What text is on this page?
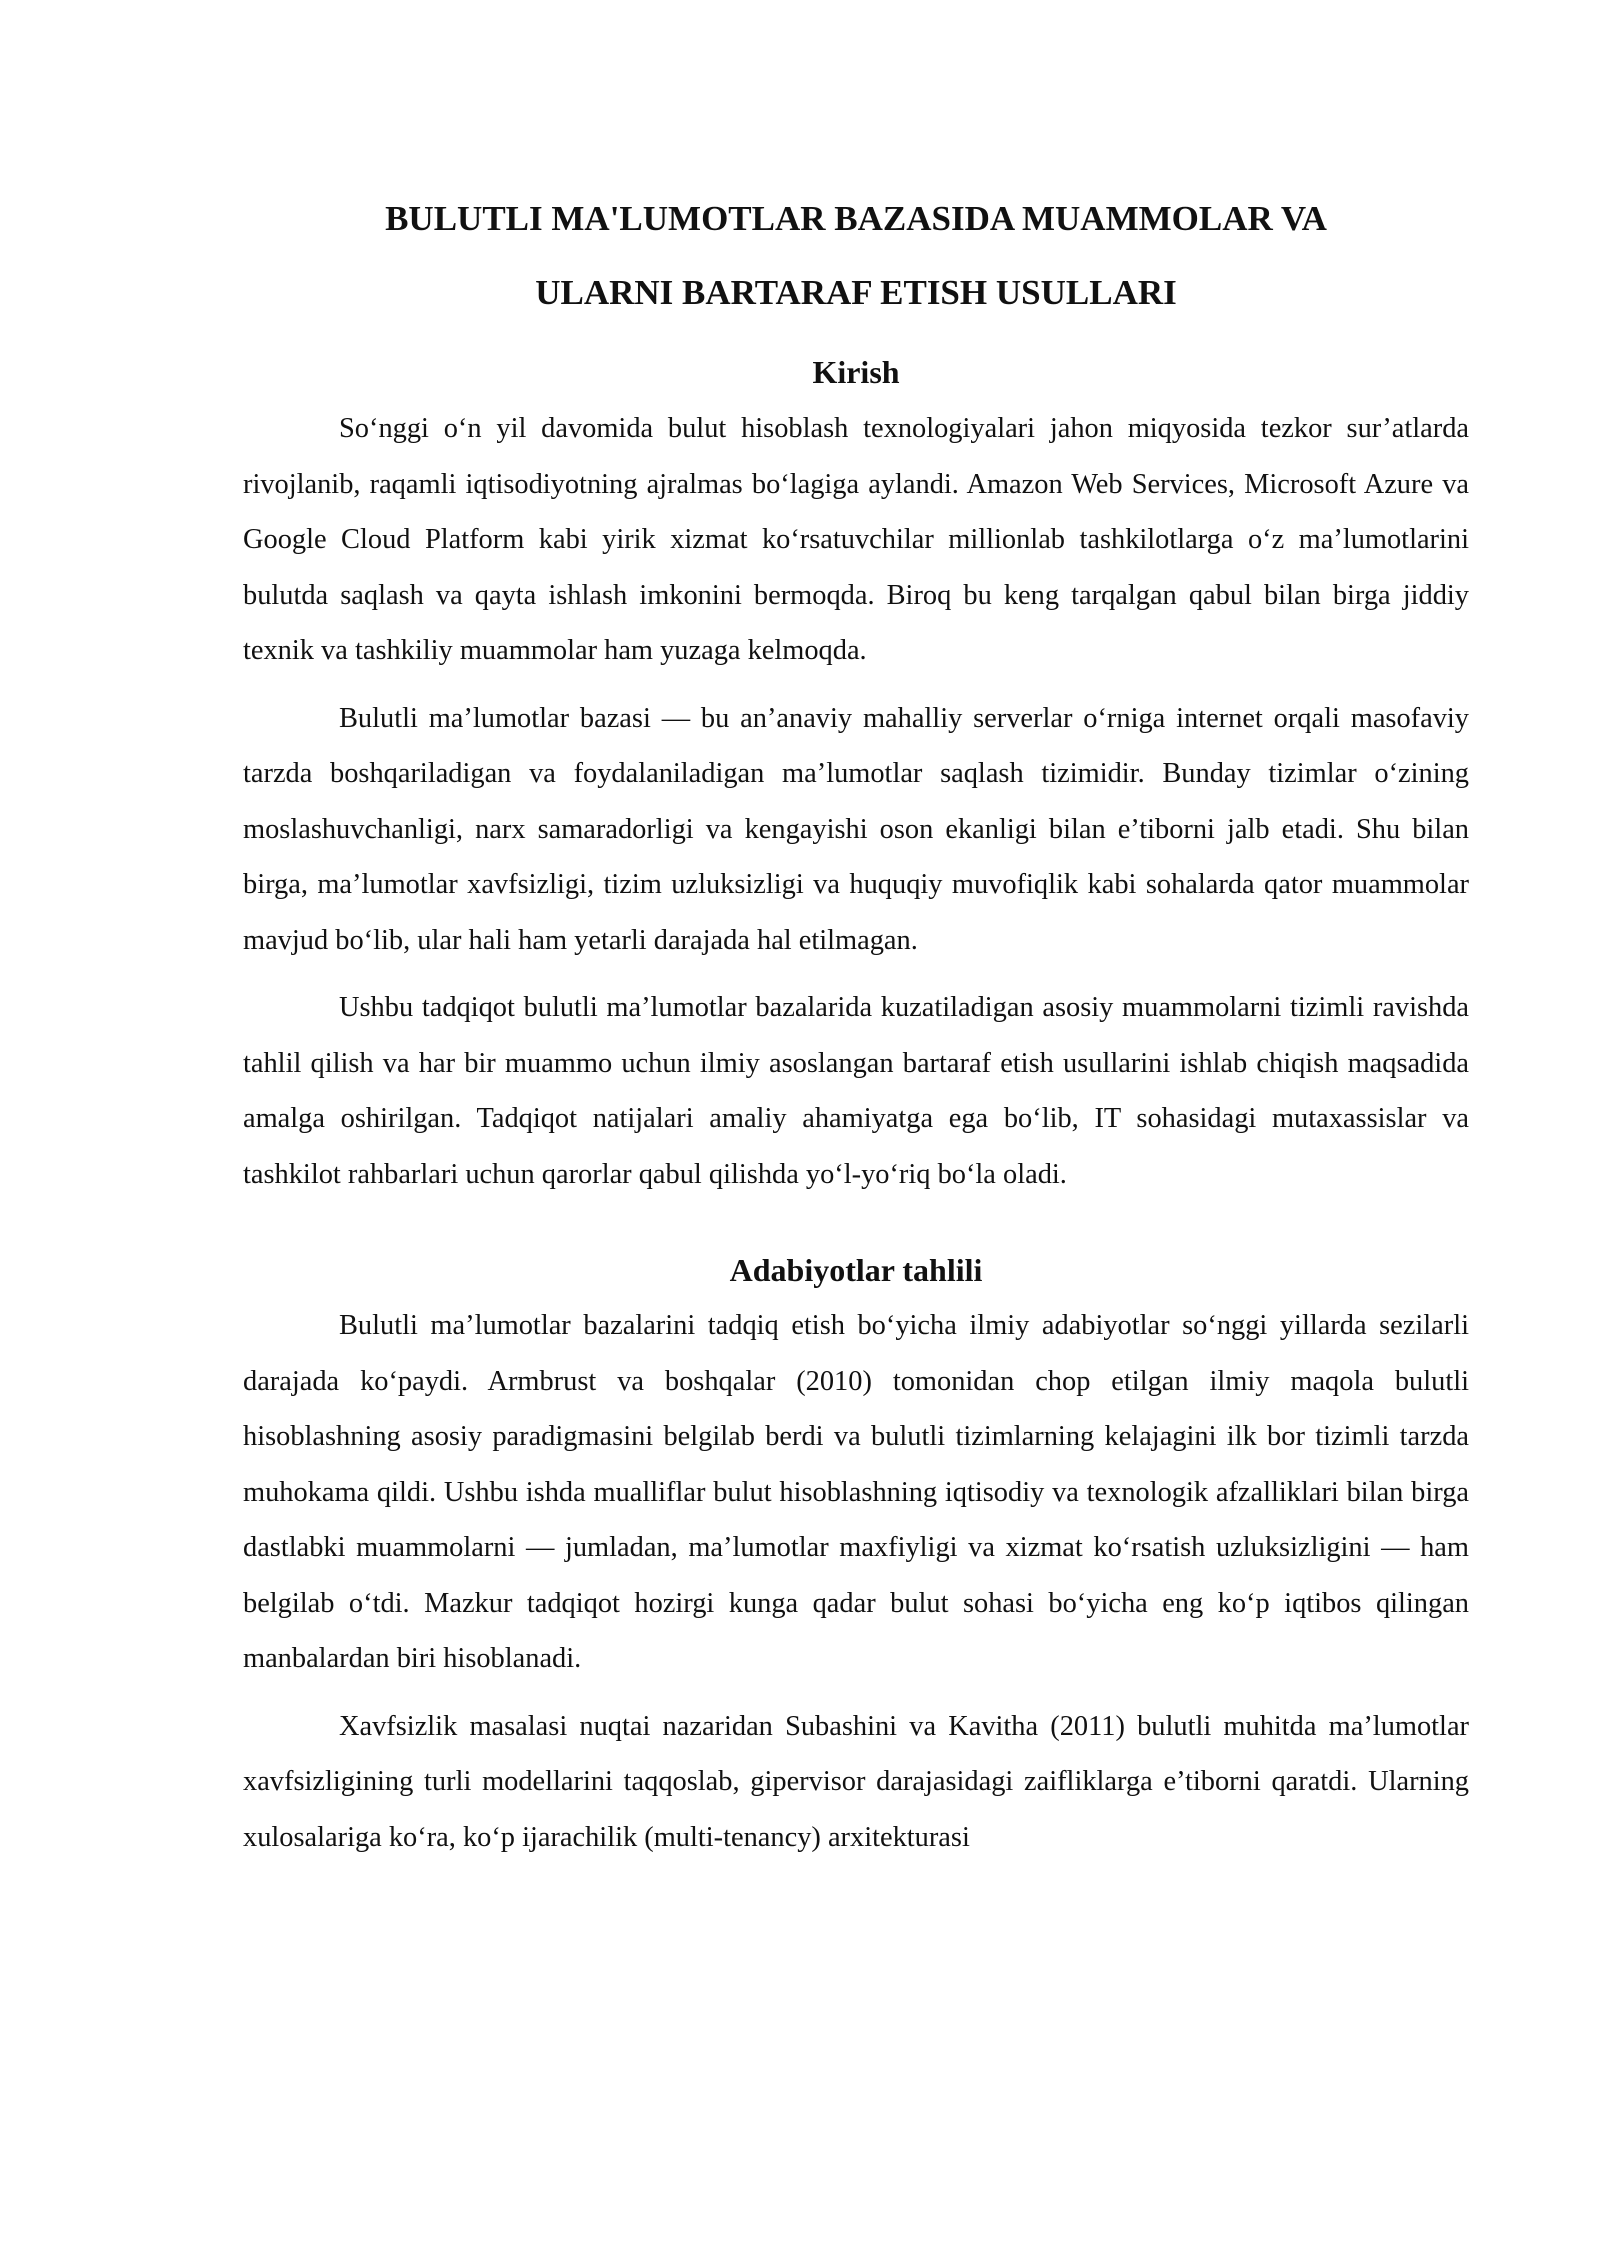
BULUTLI MA'LUMOTLAR BAZASIDA MUAMMOLAR VA
ULARNI BARTARAF ETISH USULLARI
Kirish

So‘nggi o‘n yil davomida bulut hisoblash texnologiyalari jahon miqyosida tezkor sur’atlarda rivojlanib, raqamli iqtisodiyotning ajralmas bo‘lagiga aylandi. Amazon Web Services, Microsoft Azure va Google Cloud Platform kabi yirik xizmat ko‘rsatuvchilar millionlab tashkilotlarga o‘z ma’lumotlarini bulutda saqlash va qayta ishlash imkonini bermoqda. Biroq bu keng tarqalgan qabul bilan birga jiddiy texnik va tashkiliy muammolar ham yuzaga kelmoqda.

Bulutli ma’lumotlar bazasi — bu an’anaviy mahalliy serverlar o‘rniga internet orqali masofaviy tarzda boshqariladigan va foydalaniladigan ma’lumotlar saqlash tizimidir. Bunday tizimlar o‘zining moslashuvchanligi, narx samaradorligi va kengayishi oson ekanligi bilan e’tiborni jalb etadi. Shu bilan birga, ma’lumotlar xavfsizligi, tizim uzluksizligi va huquqiy muvofiqlik kabi sohalarda qator muammolar mavjud bo‘lib, ular hali ham yetarli darajada hal etilmagan.

Ushbu tadqiqot bulutli ma’lumotlar bazalarida kuzatiladigan asosiy muammolarni tizimli ravishda tahlil qilish va har bir muammo uchun ilmiy asoslangan bartaraf etish usullarini ishlab chiqish maqsadida amalga oshirilgan. Tadqiqot natijalari amaliy ahamiyatga ega bo‘lib, IT sohasidagi mutaxassislar va tashkilot rahbarlari uchun qarorlar qabul qilishda yo‘l-yo‘riq bo‘la oladi.

Adabiyotlar tahlili

Bulutli ma’lumotlar bazalarini tadqiq etish bo‘yicha ilmiy adabiyotlar so‘nggi yillarda sezilarli darajada ko‘paydi. Armbrust va boshqalar (2010) tomonidan chop etilgan ilmiy maqola bulutli hisoblashning asosiy paradigmasini belgilab berdi va bulutli tizimlarning kelajagini ilk bor tizimli tarzda muhokama qildi. Ushbu ishda mualliflar bulut hisoblashning iqtisodiy va texnologik afzalliklari bilan birga dastlabki muammolarni — jumladan, ma’lumotlar maxfiyligi va xizmat ko‘rsatish uzluksizligini — ham belgilab o‘tdi. Mazkur tadqiqot hozirgi kunga qadar bulut sohasi bo‘yicha eng ko‘p iqtibos qilingan manbalardan biri hisoblanadi.

Xavfsizlik masalasi nuqtai nazaridan Subashini va Kavitha (2011) bulutli muhitda ma’lumotlar xavfsizligining turli modellarini taqqoslab, gipervisor darajasidagi zaifliklarga e’tiborni qaratdi. Ularning xulosalariga ko‘ra, ko‘p ijarachilik (multi-tenancy) arxitekturasi
